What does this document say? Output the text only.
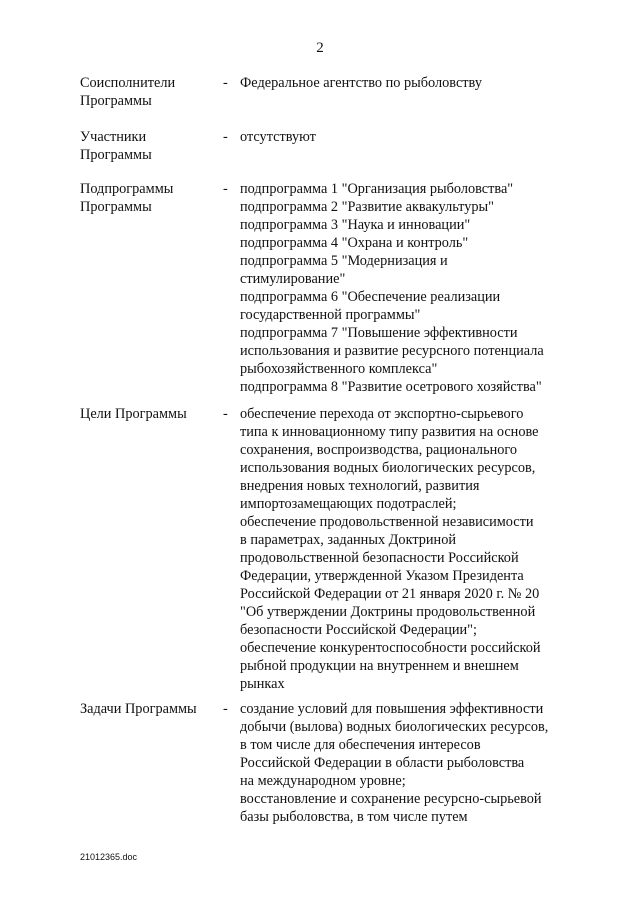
2
Соисполнители
Программы
- Федеральное агентство по рыболовству
Участники
Программы
- отсутствуют
Подпрограммы
Программы
- подпрограмма 1 "Организация рыболовства"
подпрограмма 2 "Развитие аквакультуры"
подпрограмма 3 "Наука и инновации"
подпрограмма 4 "Охрана и контроль"
подпрограмма 5 "Модернизация и
стимулирование"
подпрограмма 6 "Обеспечение реализации
государственной программы"
подпрограмма 7 "Повышение эффективности
использования и развитие ресурсного потенциала
рыбохозяйственного комплекса"
подпрограмма 8 "Развитие осетрового хозяйства"
Цели Программы	- обеспечение перехода от экспортно-сырьевого
типа к инновационному типу развития на основе
сохранения, воспроизводства, рационального
использования водных биологических ресурсов,
внедрения новых технологий, развития
импортозамещающих подотраслей;
обеспечение продовольственной независимости
в параметрах, заданных Доктриной
продовольственной безопасности Российской
Федерации, утвержденной Указом Президента
Российской Федерации от 21 января 2020 г. № 20
"Об утверждении Доктрины продовольственной
безопасности Российской Федерации";
обеспечение конкурентоспособности российской
рыбной продукции на внутреннем и внешнем
рынках
Задачи Программы	- создание условий для повышения эффективности
добычи (вылова) водных биологических ресурсов,
в том числе для обеспечения интересов
Российской Федерации в области рыболовства
на международном уровне;
восстановление и сохранение ресурсно-сырьевой
базы рыболовства, в том числе путем
21012365.doc
